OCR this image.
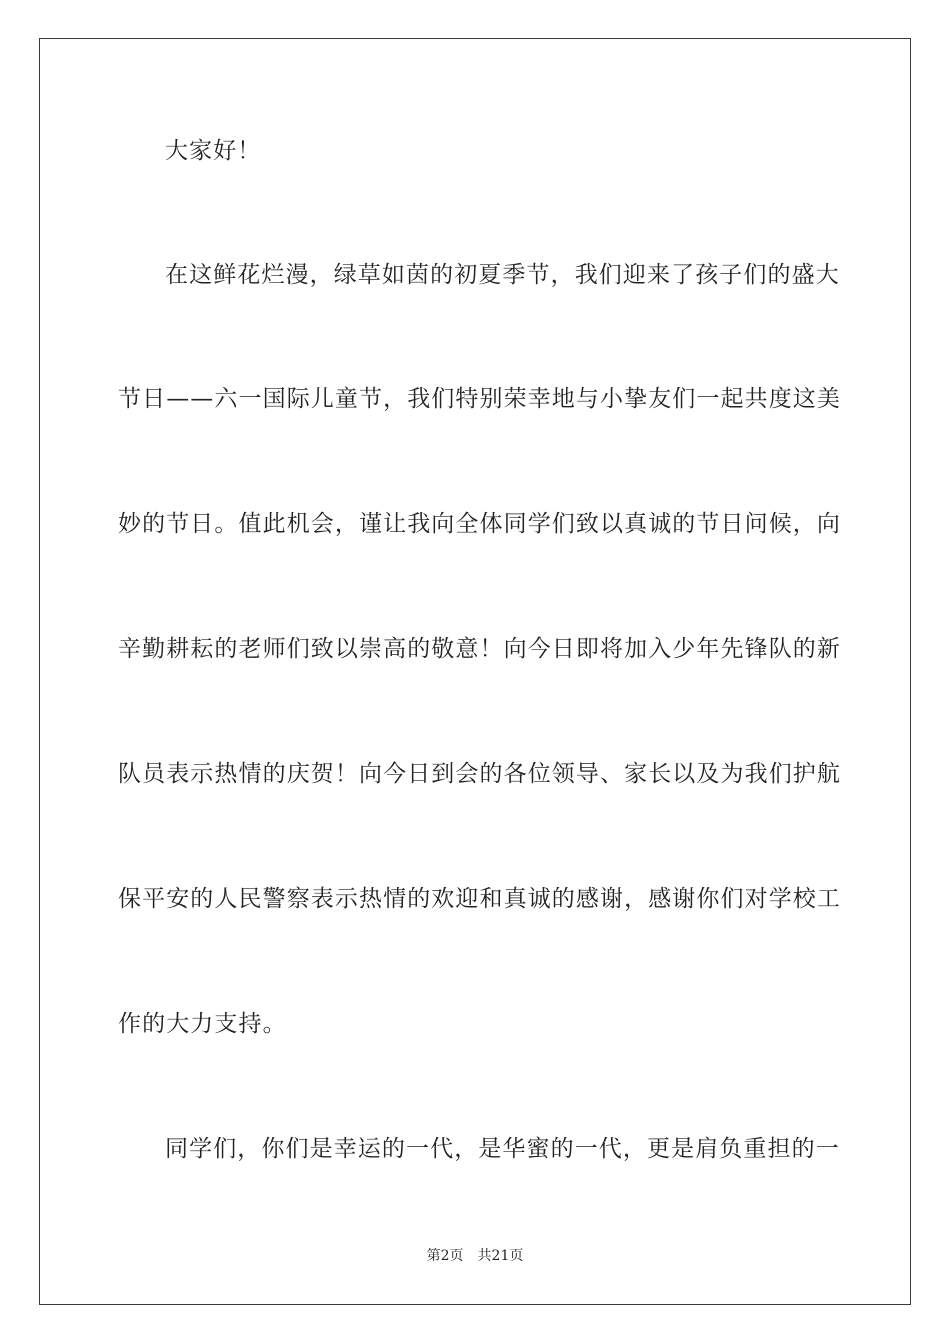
大家好！

在这鲜花烂漫，绿草如茵的初夏季节，我们迎来了孩子们的盛大

节日——六一国际儿童节，我们特别荣幸地与小挚友们一起共度这美

妙的节日。值此机会，谨让我向全体同学们致以真诚的节日问候，向

辛勤耕耘的老师们致以崇高的敬意！向今日即将加入少年先锋队的新

队员表示热情的庆贺！向今日到会的各位领导、家长以及为我们护航

保平安的人民警察表示热情的欢迎和真诚的感谢，感谢你们对学校工

作的大力支持。

同学们，你们是幸运的一代，是华蜜的一代，更是肩负重担的一

第2页 共21页
